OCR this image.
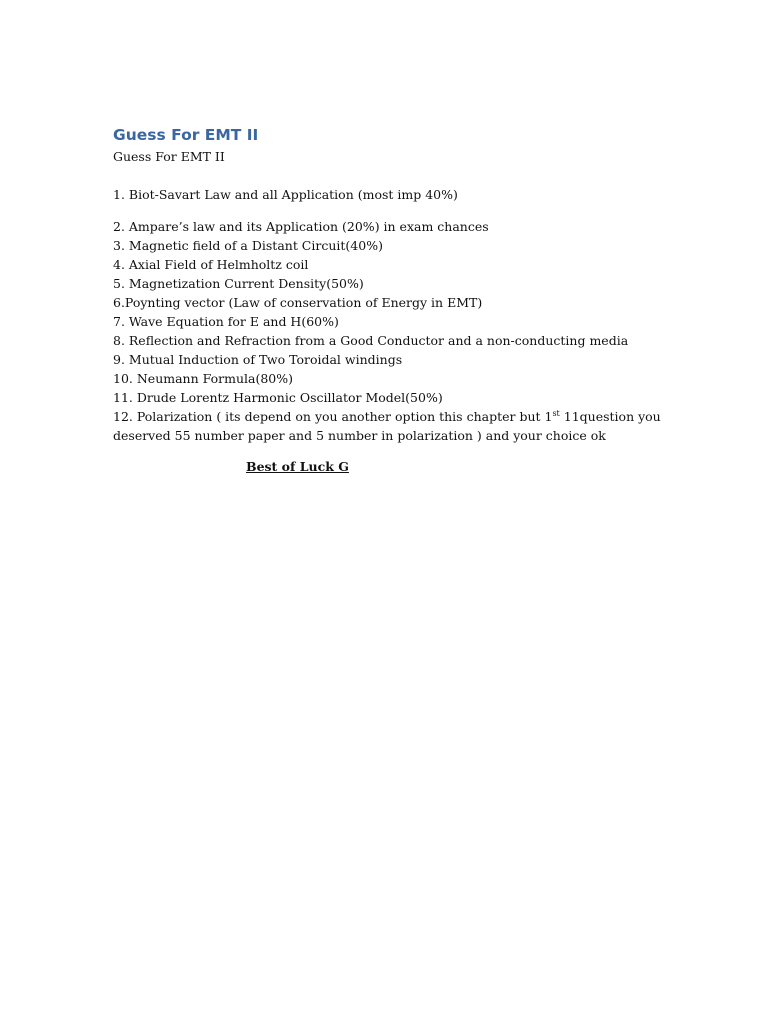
Guess For EMT II

Guess For EMT II

1. Biot-Savart Law and all Application (most imp 40%)
2. Ampare’s law and its Application (20%) in exam chances
3. Magnetic field of a Distant Circuit(40%)
4. Axial Field of Helmholtz coil
5. Magnetization Current Density(50%)
6.Poynting vector (Law of conservation of Energy in EMT)
7. Wave Equation for E and H(60%)
8. Reflection and Refraction from a Good Conductor and a non-conducting media
9. Mutual Induction of Two Toroidal windings
10. Neumann Formula(80%)
11. Drude Lorentz Harmonic Oscillator Model(50%)
12. Polarization ( its depend on you another option this chapter but 1st 11question you
deserved 55 number paper and 5 number in polarization ) and your choice ok
Best of Luck G
